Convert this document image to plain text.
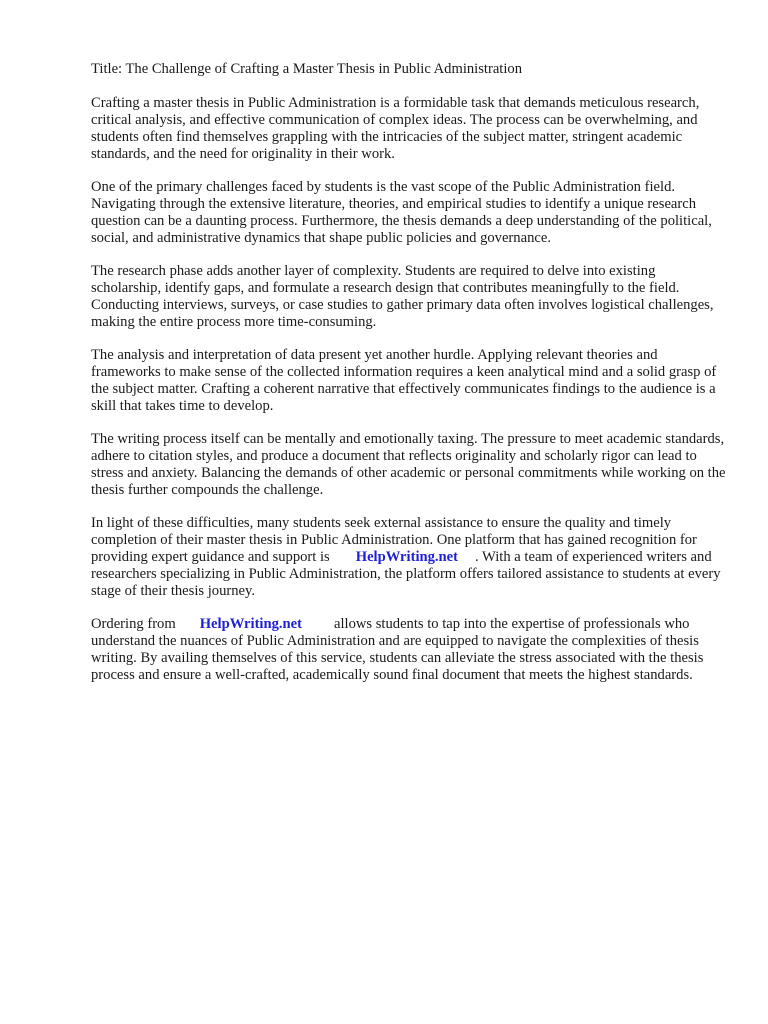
Title: The Challenge of Crafting a Master Thesis in Public Administration

Crafting a master thesis in Public Administration is a formidable task that demands meticulous research, critical analysis, and effective communication of complex ideas. The process can be overwhelming, and students often find themselves grappling with the intricacies of the subject matter, stringent academic standards, and the need for originality in their work.

One of the primary challenges faced by students is the vast scope of the Public Administration field. Navigating through the extensive literature, theories, and empirical studies to identify a unique research question can be a daunting process. Furthermore, the thesis demands a deep understanding of the political, social, and administrative dynamics that shape public policies and governance.

The research phase adds another layer of complexity. Students are required to delve into existing scholarship, identify gaps, and formulate a research design that contributes meaningfully to the field. Conducting interviews, surveys, or case studies to gather primary data often involves logistical challenges, making the entire process more time-consuming.

The analysis and interpretation of data present yet another hurdle. Applying relevant theories and frameworks to make sense of the collected information requires a keen analytical mind and a solid grasp of the subject matter. Crafting a coherent narrative that effectively communicates findings to the audience is a skill that takes time to develop.

The writing process itself can be mentally and emotionally taxing. The pressure to meet academic standards, adhere to citation styles, and produce a document that reflects originality and scholarly rigor can lead to stress and anxiety. Balancing the demands of other academic or personal commitments while working on the thesis further compounds the challenge.

In light of these difficulties, many students seek external assistance to ensure the quality and timely completion of their master thesis in Public Administration. One platform that has gained recognition for providing expert guidance and support is HelpWriting.net . With a team of experienced writers and researchers specializing in Public Administration, the platform offers tailored assistance to students at every stage of their thesis journey.

Ordering from HelpWriting.net allows students to tap into the expertise of professionals who understand the nuances of Public Administration and are equipped to navigate the complexities of thesis writing. By availing themselves of this service, students can alleviate the stress associated with the thesis process and ensure a well-crafted, academically sound final document that meets the highest standards.
